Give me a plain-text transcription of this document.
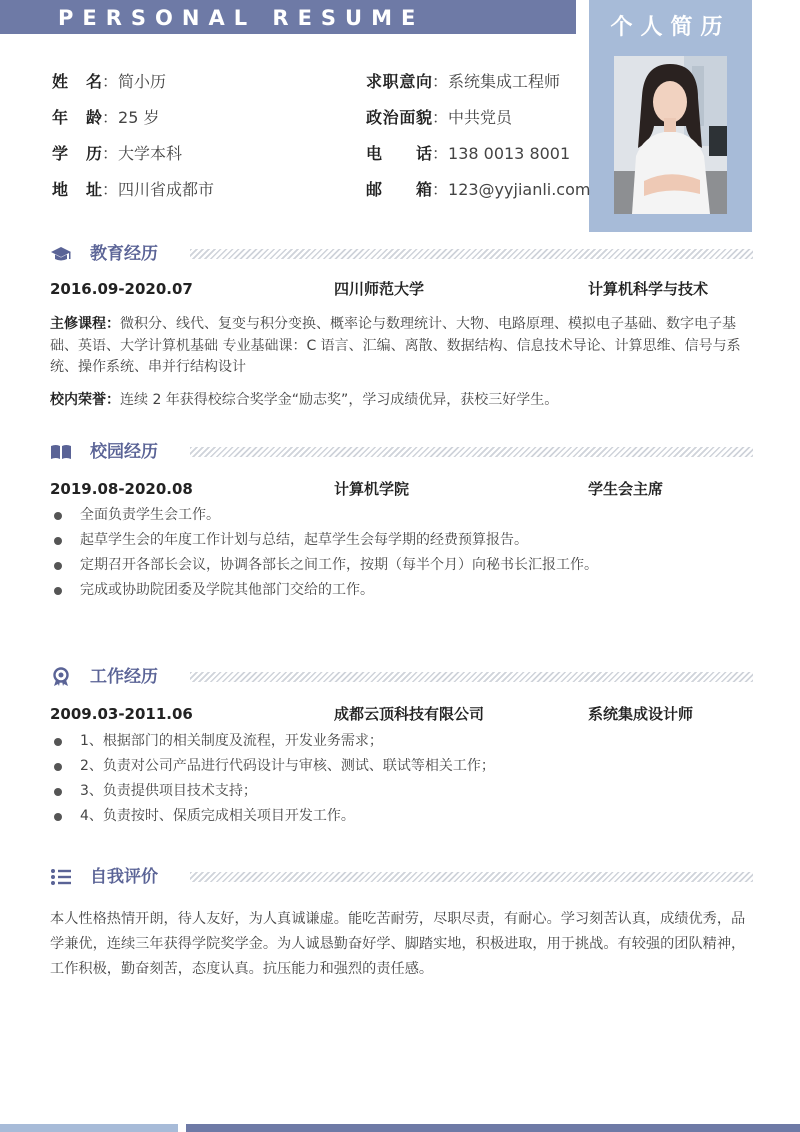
PERSONAL RESUME	个人简历
姓　名：简小历
年　龄：25 岁
学　历：大学本科
地　址：四川省成都市
求职意向：系统集成工程师
政治面貌：中共党员
电　话：138 0013 8001
邮　箱：123@yyjianli.com
教育经历
2016.09-2020.07	四川师范大学	计算机科学与技术
主修课程：微积分、线代、复变与积分变换、概率论与数理统计、大物、电路原理、模拟电子基础、数字电子基础、英语、大学计算机基础 专业基础课：C 语言、汇编、离散、数据结构、信息技术导论、计算思维、信号与系统、操作系统、串并行结构设计
校内荣誉：连续 2 年获得校综合奖学金“励志奖”，学习成绩优异，获校三好学生。
校园经历
2019.08-2020.08	计算机学院	学生会主席
全面负责学生会工作。
起草学生会的年度工作计划与总结，起草学生会每学期的经费预算报告。
定期召开各部长会议，协调各部长之间工作，按期（每半个月）向秘书长汇报工作。
完成或协助院团委及学院其他部门交给的工作。
工作经历
2009.03-2011.06	成都云顶科技有限公司	系统集成设计师
1、根据部门的相关制度及流程，开发业务需求；
2、负责对公司产品进行代码设计与审核、测试、联试等相关工作；
3、负责提供项目技术支持；
4、负责按时、保质完成相关项目开发工作。
自我评价
本人性格热情开朗，待人友好，为人真诚谦虚。能吃苦耐劳，尽职尽责，有耐心。学习刻苦认真，成绩优秀，品学兼优，连续三年获得学院奖学金。为人诚恳勤奋好学、脚踏实地，积极进取，用于挑战。有较强的团队精神，工作积极，勤奋刻苦，态度认真。抗压能力和强烈的责任感。
